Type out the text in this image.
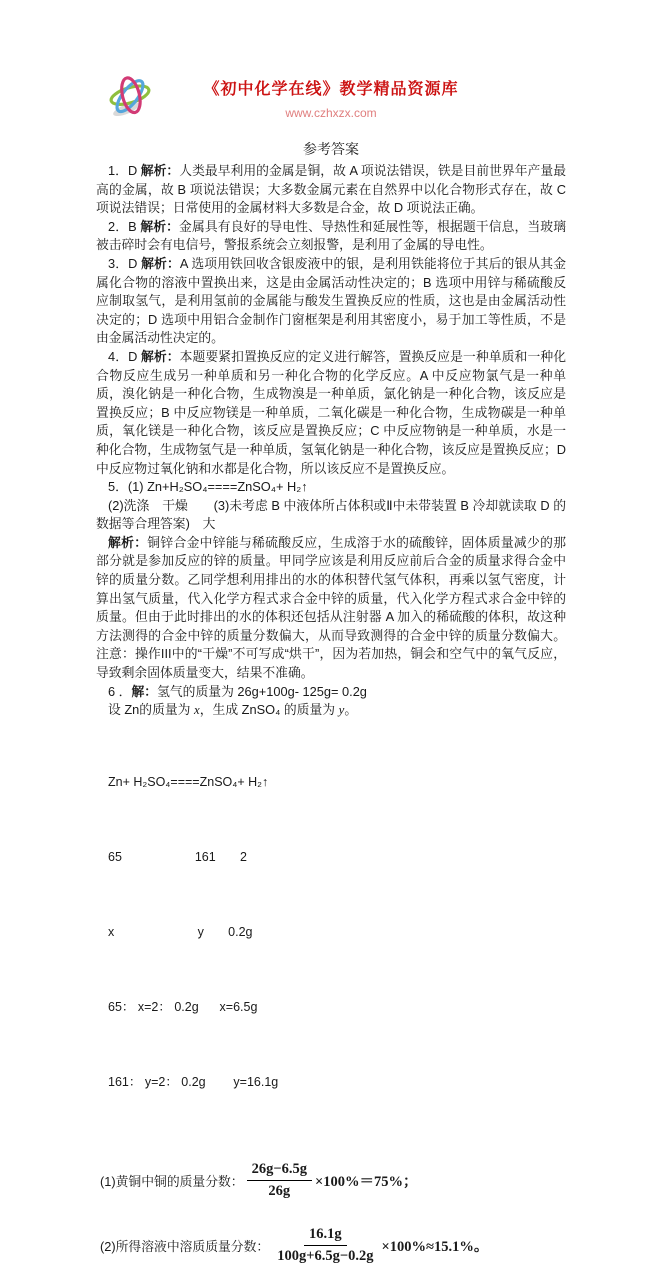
《初中化学在线》教学精品资源库
www.czhxzx.com
参考答案

1．D 解析：人类最早利用的金属是铜，故 A 项说法错误，铁是目前世界年产量最高的金属，故 B 项说法错误；大多数金属元素在自然界中以化合物形式存在，故 C 项说法错误；日常使用的金属材料大多数是合金，故 D 项说法正确。

2．B 解析：金属具有良好的导电性、导热性和延展性等，根据题干信息，当玻璃被击碎时会有电信号，警报系统会立刻报警，是利用了金属的导电性。

3．D 解析：A 选项用铁回收含银废液中的银，是利用铁能将位于其后的银从其金属化合物的溶液中置换出来，这是由金属活动性决定的；B 选项中用锌与稀硫酸反应制取氢气，是利用氢前的金属能与酸发生置换反应的性质，这也是由金属活动性决定的；D 选项中用铝合金制作门窗框架是利用其密度小，易于加工等性质，不是由金属活动性决定的。

4．D 解析：本题要紧扣置换反应的定义进行解答，置换反应是一种单质和一种化合物反应生成另一种单质和另一种化合物的化学反应。A 中反应物氯气是一种单质，溴化钠是一种化合物，生成物溴是一种单质，氯化钠是一种化合物，该反应是置换反应；B 中反应物镁是一种单质，二氧化碳是一种化合物，生成物碳是一种单质，氧化镁是一种化合物，该反应是置换反应；C 中反应物钠是一种单质，水是一种化合物，生成物氢气是一种单质，氢氧化钠是一种化合物，该反应是置换反应；D 中反应物过氧化钠和水都是化合物，所以该反应不是置换反应。

5．(1) Zn+H₂SO₄====ZnSO₄+ H₂↑

(2)洗涤　干燥　　(3)未考虑 B 中液体所占体积或Ⅱ中未带装置 B 冷却就读取 D 的数据等合理答案)　大

解析：铜锌合金中锌能与稀硫酸反应，生成溶于水的硫酸锌，固体质量减少的那部分就是参加反应的锌的质量。甲同学应该是利用反应前后合金的质量求得合金中锌的质量分数。乙同学想利用排出的水的体积替代氢气体积，再乘以氢气密度，计算出氢气质量，代入化学方程式求合金中锌的质量，代入化学方程式求合金中锌的质量。但由于此时排出的水的体积还包括从注射器 A 加入的稀硫酸的体积，故这种方法测得的合金中锌的质量分数偏大，从而导致测得的合金中锌的质量分数偏大。注意：操作III中的“干燥”不可写成“烘干”，因为若加热，铜会和空气中的氧气反应，导致剩余固体质量变大，结果不准确。

6 ．解：氢气的质量为 26g+100g- 125g= 0.2g

设 Zn的质量为 x，生成 ZnSO₄ 的质量为 y。

Zn+ H₂SO₄====ZnSO₄+ H₂↑

65                     161       2

x                        y       0.2g

65： x=2： 0.2g      x=6.5g

161： y=2： 0.2g        y=16.1g

(1)黄铜中铜的质量分数： $\frac{26g-6.5g}{26g} \times 100\%=75\%$；
(2)所得溶液中溶质质量分数： $\frac{16.1g}{100g+6.5g-0.2g} \times 100\%\approx 15.1\%$。
